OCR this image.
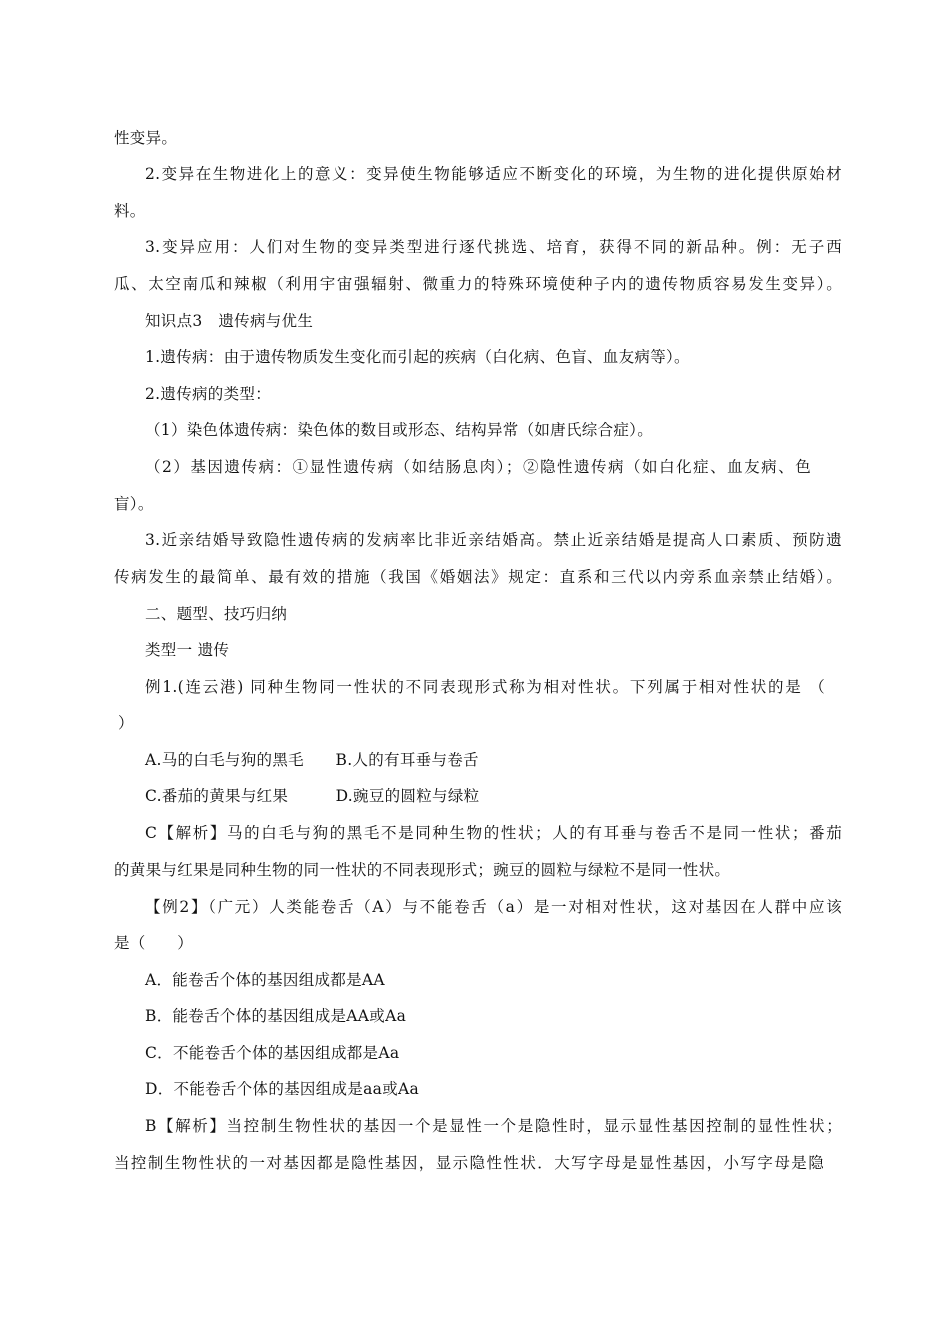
性变异。
2.变异在生物进化上的意义：变异使生物能够适应不断变化的环境，为生物的进化提供原始材
料。
3.变异应用：人们对生物的变异类型进行逐代挑选、培育，获得不同的新品种。例：无子西
瓜、太空南瓜和辣椒（利用宇宙强辐射、微重力的特殊环境使种子内的遗传物质容易发生变异）。
知识点3　遗传病与优生
1.遗传病：由于遗传物质发生变化而引起的疾病（白化病、色盲、血友病等）。
2.遗传病的类型：
（1）染色体遗传病：染色体的数目或形态、结构异常（如唐氏综合症）。
（2）基因遗传病：①显性遗传病（如结肠息肉）；②隐性遗传病（如白化症、血友病、色
盲）。
3.近亲结婚导致隐性遗传病的发病率比非近亲结婚高。禁止近亲结婚是提高人口素质、预防遗
传病发生的最简单、最有效的措施（我国《婚姻法》规定：直系和三代以内旁系血亲禁止结婚）。
二、题型、技巧归纳
类型一 遗传
例1.(连云港) 同种生物同一性状的不同表现形式称为相对性状。下列属于相对性状的是 （
）
A.马的白毛与狗的黑毛　　B.人的有耳垂与卷舌
C.番茄的黄果与红果　　　D.豌豆的圆粒与绿粒
C【解析】马的白毛与狗的黑毛不是同种生物的性状；人的有耳垂与卷舌不是同一性状；番茄
的黄果与红果是同种生物的同一性状的不同表现形式；豌豆的圆粒与绿粒不是同一性状。
【例2】（广元）人类能卷舌（A）与不能卷舌（a）是一对相对性状，这对基因在人群中应该
是（　　）
A．能卷舌个体的基因组成都是AA
B．能卷舌个体的基因组成是AA或Aa
C．不能卷舌个体的基因组成都是Aa
D．不能卷舌个体的基因组成是aa或Aa
B【解析】当控制生物性状的基因一个是显性一个是隐性时，显示显性基因控制的显性性状；
当控制生物性状的一对基因都是隐性基因，显示隐性性状．大写字母是显性基因，小写字母是隐
